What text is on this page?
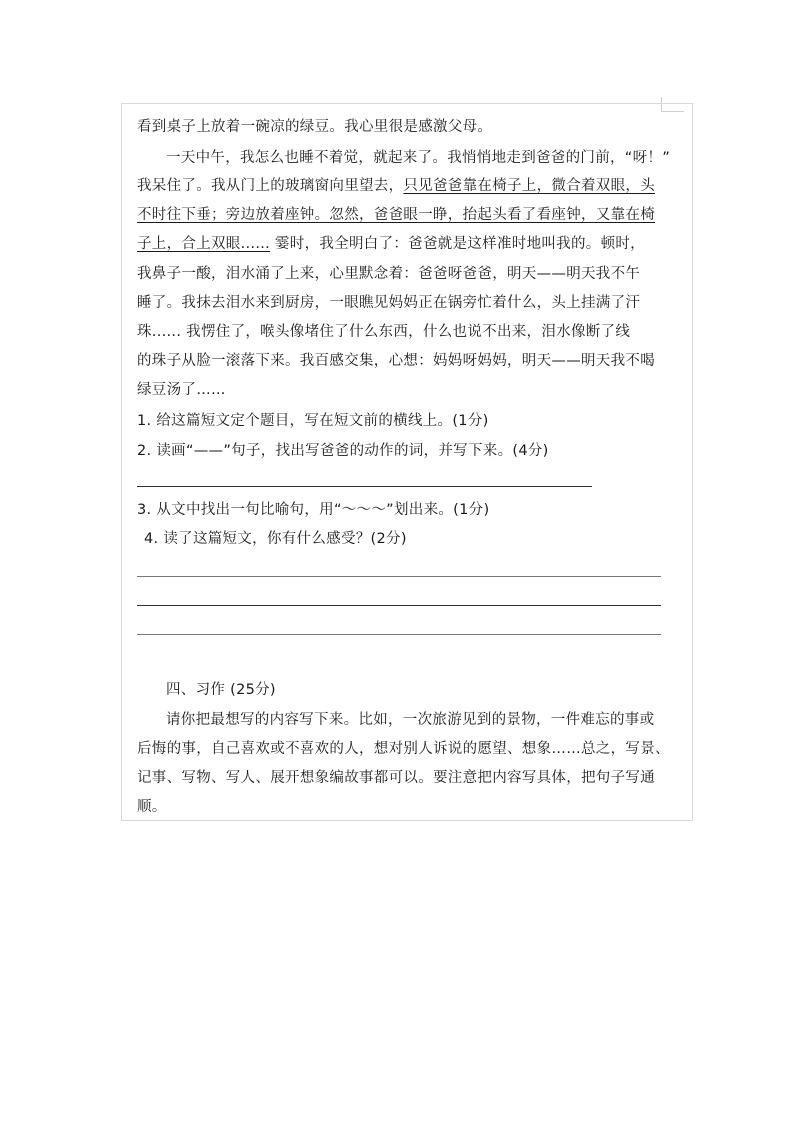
看到桌子上放着一碗凉的绿豆。我心里很是感激父母。
一天中午，我怎么也睡不着觉，就起来了。我悄悄地走到爸爸的门前，“呀！”
我呆住了。我从门上的玻璃窗向里望去，只见爸爸靠在椅子上，微合着双眼，头
不时往下垂；旁边放着座钟。忽然，爸爸眼一睁，抬起头看了看座钟，又靠在椅
子上，合上双眼...... 霎时，我全明白了：爸爸就是这样准时地叫我的。顿时，
我鼻子一酸，泪水涌了上来，心里默念着：爸爸呀爸爸，明天——明天我不午
睡了。我抹去泪水来到厨房，一眼瞧见妈妈正在锅旁忙着什么，头上挂满了汗
珠...... 我愣住了，喉头像堵住了什么东西，什么也说不出来，泪水像断了线
的珠子从脸一滚落下来。我百感交集，心想：妈妈呀妈妈，明天——明天我不喝
绿豆汤了……
1. 给这篇短文定个题目，写在短文前的横线上。(1分)
2. 读画“——”句子，找出写爸爸的动作的词，并写下来。(4分)
3. 从文中找出一句比喻句，用“～～～”划出来。(1分)
4. 读了这篇短文，你有什么感受？(2分)
四、习作 (25分)
请你把最想写的内容写下来。比如，一次旅游见到的景物，一件难忘的事或
后悔的事，自己喜欢或不喜欢的人，想对别人诉说的愿望、想象……总之，写景、
记事、写物、写人、展开想象编故事都可以。要注意把内容写具体，把句子写通
顺。
